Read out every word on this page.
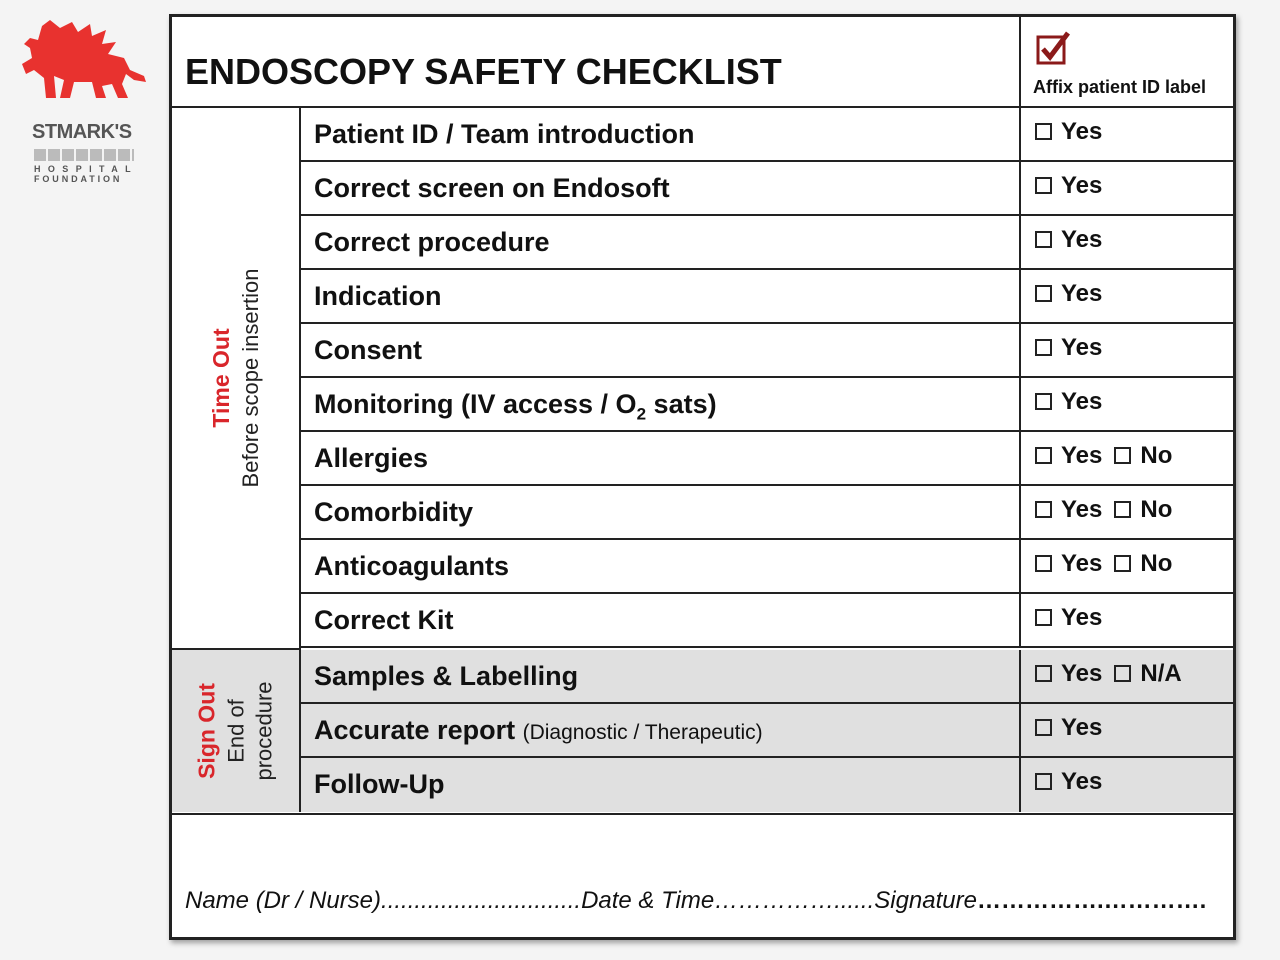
STMARK'S
HOSPITAL
FOUNDATION
ENDOSCOPY SAFETY CHECKLIST	Affix patient ID label
Time Out Before scope insertion
Sign Out End of procedure
Patient ID / Team introduction	Yes
Correct screen on Endosoft	Yes
Correct procedure	Yes
Indication	Yes
Consent	Yes
Monitoring (IV access / $O_2$ sats)	Yes
Allergies	Yes No
Comorbidity	Yes No
Anticoagulants	Yes No
Correct Kit	Yes
Samples & Labelling	Yes N/A
Accurate report (Diagnostic / Therapeutic)	Yes
Follow-Up	Yes
Name (Dr / Nurse)..............................Date & Time……………......Signature…………….………….
